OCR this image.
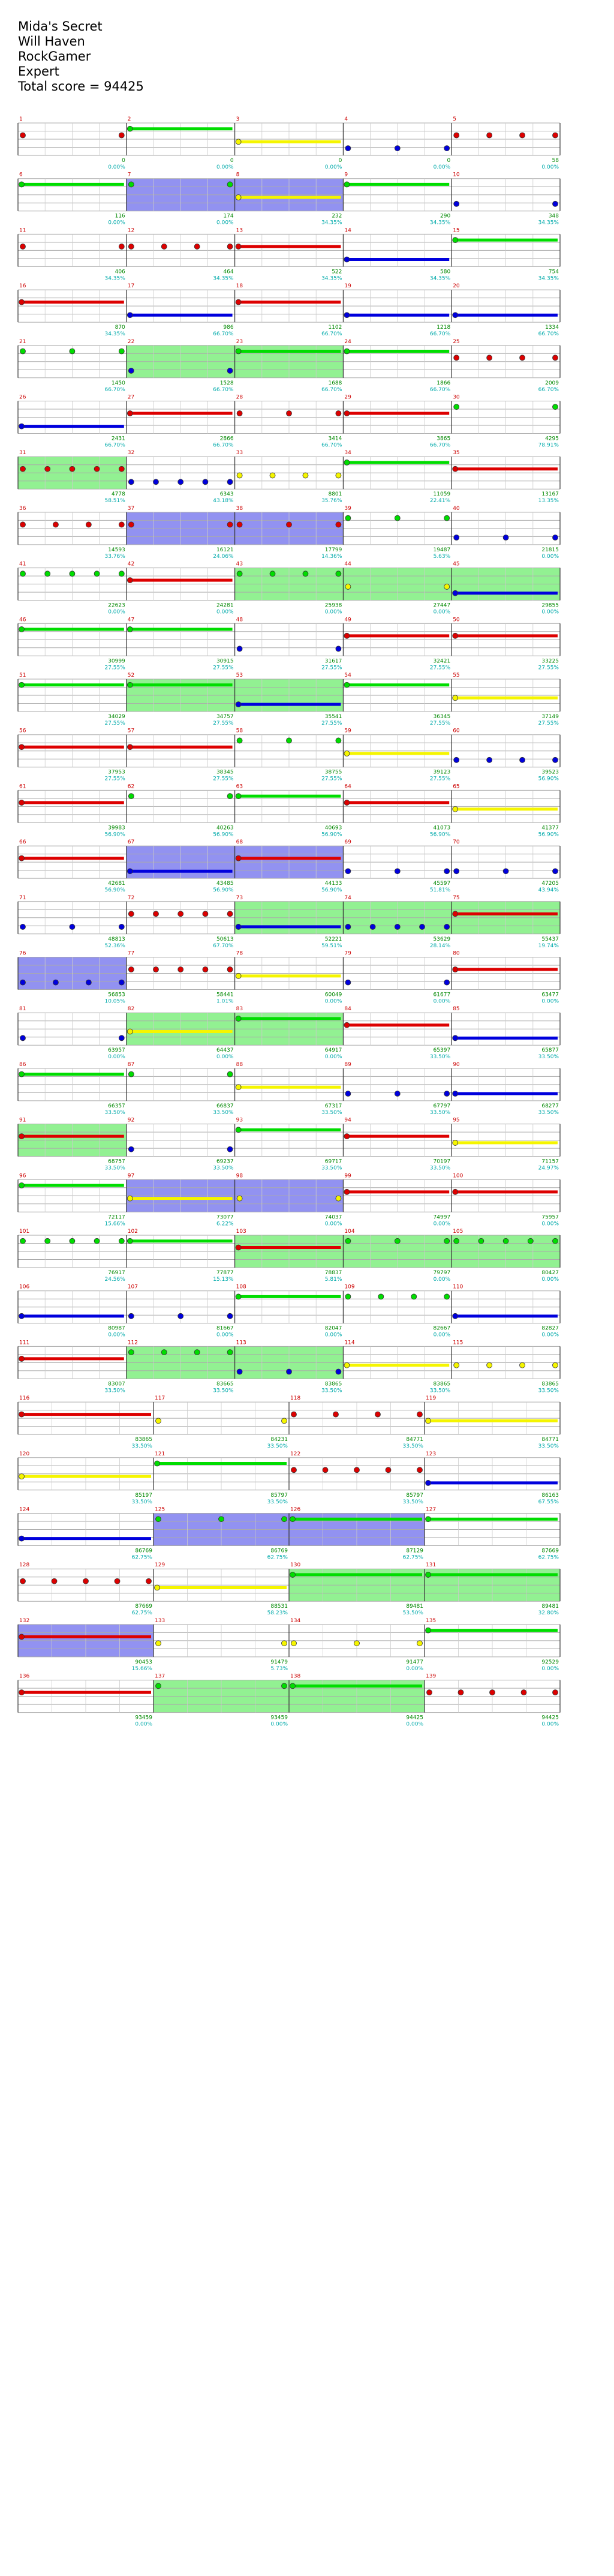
Mida's Secret
Will Haven
RockGamer
Expert
Total score = 94425
1
0
0.00%
2
0
0.00%
3
0
0.00%
4
0
0.00%
5
58
0.00%
6
116
0.00%
7
174
0.00%
8
232
34.35%
9
290
34.35%
10
348
34.35%
11
406
34.35%
12
464
34.35%
13
522
34.35%
14
580
34.35%
15
754
34.35%
16
870
34.35%
17
986
66.70%
18
1102
66.70%
19
1218
66.70%
20
1334
66.70%
21
1450
66.70%
22
1528
66.70%
23
1688
66.70%
24
1866
66.70%
25
2009
66.70%
26
2431
66.70%
27
2866
66.70%
28
3414
66.70%
29
3865
66.70%
30
4295
78.91%
31
4778
58.51%
32
6343
43.18%
33
8801
35.76%
34
11059
22.41%
35
13167
13.35%
36
14593
33.76%
37
16121
24.06%
38
17799
14.36%
39
19487
5.63%
40
21815
0.00%
41
22623
0.00%
42
24281
0.00%
43
25938
0.00%
44
27447
0.00%
45
29855
0.00%
46
30999
27.55%
47
30915
27.55%
48
31617
27.55%
49
32421
27.55%
50
33225
27.55%
51
34029
27.55%
52
34757
27.55%
53
35541
27.55%
54
36345
27.55%
55
37149
27.55%
56
37953
27.55%
57
38345
27.55%
58
38755
27.55%
59
39123
27.55%
60
39523
56.90%
61
39983
56.90%
62
40263
56.90%
63
40693
56.90%
64
41073
56.90%
65
41377
56.90%
66
42681
56.90%
67
43485
56.90%
68
44133
56.90%
69
45597
51.81%
70
47205
43.94%
71
48813
52.36%
72
50613
67.70%
73
52221
59.51%
74
53629
28.14%
75
55437
19.74%
76
56853
10.05%
77
58441
1.01%
78
60049
0.00%
79
61677
0.00%
80
63477
0.00%
81
63957
0.00%
82
64437
0.00%
83
64917
0.00%
84
65397
33.50%
85
65877
33.50%
86
66357
33.50%
87
66837
33.50%
88
67317
33.50%
89
67797
33.50%
90
68277
33.50%
91
68757
33.50%
92
69237
33.50%
93
69717
33.50%
94
70197
33.50%
95
71157
24.97%
96
72117
15.66%
97
73077
6.22%
98
74037
0.00%
99
74997
0.00%
100
75957
0.00%
101
76917
24.56%
102
77877
15.13%
103
78837
5.81%
104
79797
0.00%
105
80427
0.00%
106
80987
0.00%
107
81667
0.00%
108
82047
0.00%
109
82667
0.00%
110
82827
0.00%
111
83007
33.50%
112
83665
33.50%
113
83865
33.50%
114
83865
33.50%
115
83865
33.50%
116
83865
33.50%
117
84231
33.50%
118
84771
33.50%
119
84771
33.50%
120
85197
33.50%
121
85797
33.50%
122
85797
33.50%
123
86163
67.55%
124
86769
62.75%
125
86769
62.75%
126
87129
62.75%
127
87669
62.75%
128
87669
62.75%
129
88531
58.23%
130
89481
53.50%
131
89481
32.80%
132
90453
15.66%
133
91479
5.73%
134
91477
0.00%
135
92529
0.00%
136
93459
0.00%
137
93459
0.00%
138
94425
0.00%
139
94425
0.00%
